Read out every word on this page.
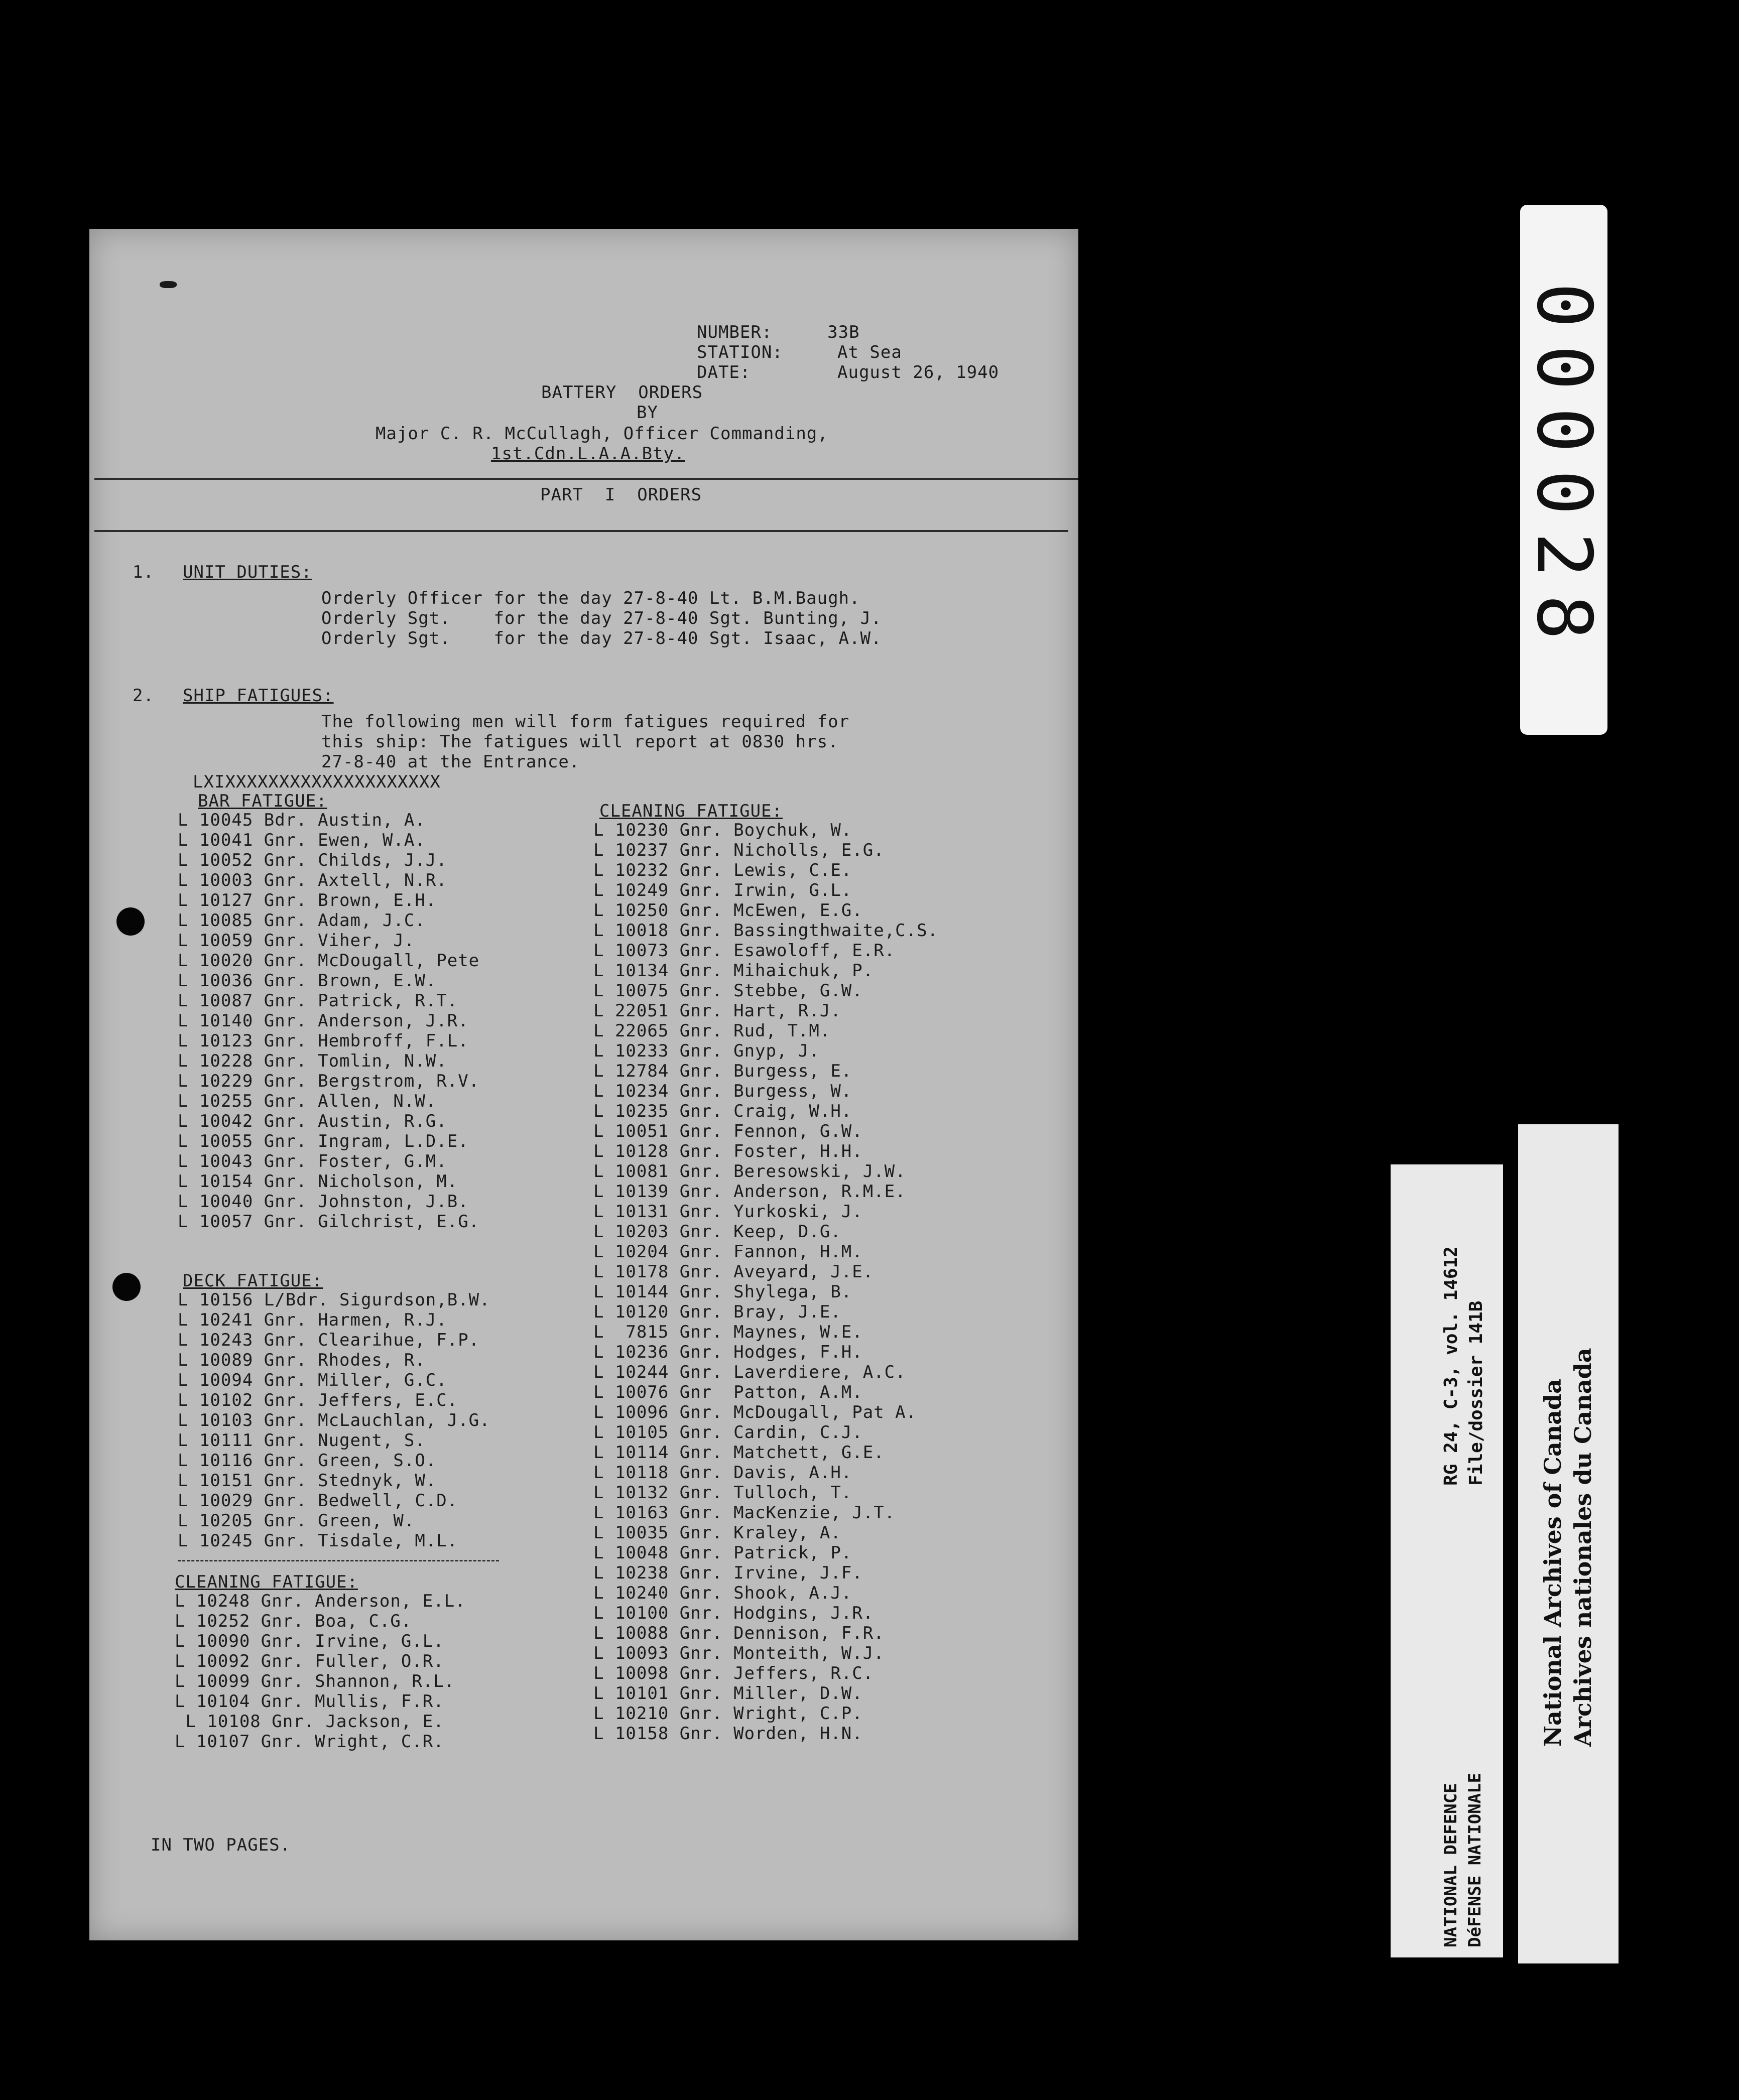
NUMBER:	33B
STATION:	At Sea
DATE:	August 26, 1940
BATTERY  ORDERS
BY
Major C. R. McCullagh, Officer Commanding,
1st.Cdn.L.A.A.Bty.
PART  I  ORDERS
1. UNIT DUTIES:
Orderly Officer for the day 27-8-40 Lt. B.M.Baugh.
Orderly Sgt.    for the day 27-8-40 Sgt. Bunting, J.
Orderly Sgt.    for the day 27-8-40 Sgt. Isaac, A.W.
2. SHIP FATIGUES:
The following men will form fatigues required for
this ship: The fatigues will report at 0830 hrs.
27-8-40 at the Entrance.
LXIXXXXXXXXXXXXXXXXXXXX
BAR FATIGUE:
L 10045 Bdr. Austin, A.
L 10041 Gnr. Ewen, W.A.
L 10052 Gnr. Childs, J.J.
L 10003 Gnr. Axtell, N.R.
L 10127 Gnr. Brown, E.H.
L 10085 Gnr. Adam, J.C.
L 10059 Gnr. Viher, J.
L 10020 Gnr. McDougall, Pete
L 10036 Gnr. Brown, E.W.
L 10087 Gnr. Patrick, R.T.
L 10140 Gnr. Anderson, J.R.
L 10123 Gnr. Hembroff, F.L.
L 10228 Gnr. Tomlin, N.W.
L 10229 Gnr. Bergstrom, R.V.
L 10255 Gnr. Allen, N.W.
L 10042 Gnr. Austin, R.G.
L 10055 Gnr. Ingram, L.D.E.
L 10043 Gnr. Foster, G.M.
L 10154 Gnr. Nicholson, M.
L 10040 Gnr. Johnston, J.B.
L 10057 Gnr. Gilchrist, E.G.
DECK FATIGUE:
L 10156 L/Bdr. Sigurdson,B.W.
L 10241 Gnr. Harmen, R.J.
L 10243 Gnr. Clearihue, F.P.
L 10089 Gnr. Rhodes, R.
L 10094 Gnr. Miller, G.C.
L 10102 Gnr. Jeffers, E.C.
L 10103 Gnr. McLauchlan, J.G.
L 10111 Gnr. Nugent, S.
L 10116 Gnr. Green, S.O.
L 10151 Gnr. Stednyk, W.
L 10029 Gnr. Bedwell, C.D.
L 10205 Gnr. Green, W.
L 10245 Gnr. Tisdale, M.L.
CLEANING FATIGUE:
L 10248 Gnr. Anderson, E.L.
L 10252 Gnr. Boa, C.G.
L 10090 Gnr. Irvine, G.L.
L 10092 Gnr. Fuller, O.R.
L 10099 Gnr. Shannon, R.L.
L 10104 Gnr. Mullis, F.R.
L 10108 Gnr. Jackson, E.
L 10107 Gnr. Wright, C.R.
CLEANING FATIGUE:
L 10230 Gnr. Boychuk, W.
L 10237 Gnr. Nicholls, E.G.
L 10232 Gnr. Lewis, C.E.
L 10249 Gnr. Irwin, G.L.
L 10250 Gnr. McEwen, E.G.
L 10018 Gnr. Bassingthwaite,C.S.
L 10073 Gnr. Esawoloff, E.R.
L 10134 Gnr. Mihaichuk, P.
L 10075 Gnr. Stebbe, G.W.
L 22051 Gnr. Hart, R.J.
L 22065 Gnr. Rud, T.M.
L 10233 Gnr. Gnyp, J.
L 12784 Gnr. Burgess, E.
L 10234 Gnr. Burgess, W.
L 10235 Gnr. Craig, W.H.
L 10051 Gnr. Fennon, G.W.
L 10128 Gnr. Foster, H.H.
L 10081 Gnr. Beresowski, J.W.
L 10139 Gnr. Anderson, R.M.E.
L 10131 Gnr. Yurkoski, J.
L 10203 Gnr. Keep, D.G.
L 10204 Gnr. Fannon, H.M.
L 10178 Gnr. Aveyard, J.E.
L 10144 Gnr. Shylega, B.
L 10120 Gnr. Bray, J.E.
L  7815 Gnr. Maynes, W.E.
L 10236 Gnr. Hodges, F.H.
L 10244 Gnr. Laverdiere, A.C.
L 10076 Gnr  Patton, A.M.
L 10096 Gnr. McDougall, Pat A.
L 10105 Gnr. Cardin, C.J.
L 10114 Gnr. Matchett, G.E.
L 10118 Gnr. Davis, A.H.
L 10132 Gnr. Tulloch, T.
L 10163 Gnr. MacKenzie, J.T.
L 10035 Gnr. Kraley, A.
L 10048 Gnr. Patrick, P.
L 10238 Gnr. Irvine, J.F.
L 10240 Gnr. Shook, A.J.
L 10100 Gnr. Hodgins, J.R.
L 10088 Gnr. Dennison, F.R.
L 10093 Gnr. Monteith, W.J.
L 10098 Gnr. Jeffers, R.C.
L 10101 Gnr. Miller, D.W.
L 10210 Gnr. Wright, C.P.
L 10158 Gnr. Worden, H.N.
IN TWO PAGES.
000028
RG 24, C-3, vol. 14612 File/dossier 141B
NATIONAL DEFENCE DéFENSE NATIONALE
National Archives of Canada Archives nationales du Canada
